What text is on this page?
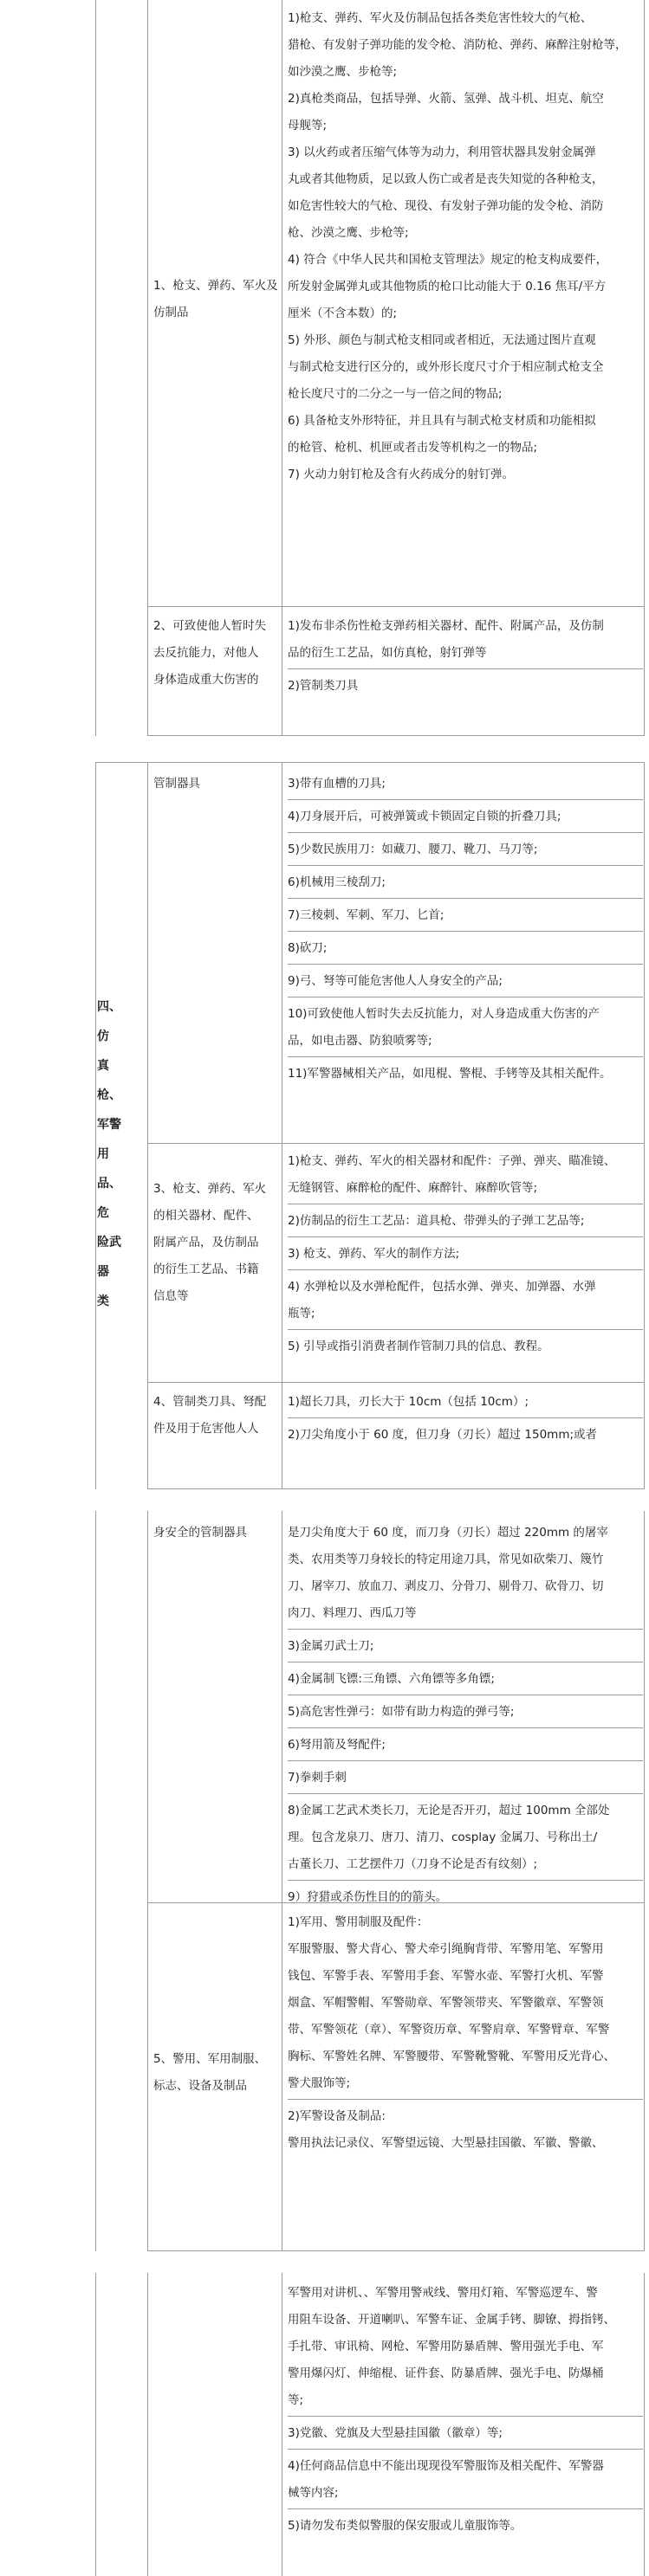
1、枪支、弹药、军火及仿制品
1)枪支、弹药、军火及仿制品包括各类危害性较大的气枪、
猎枪、有发射子弹功能的发令枪、消防枪、弹药、麻醉注射枪等，
如沙漠之鹰、步枪等;
2)真枪类商品，包括导弹、火箭、氢弹、战斗机、坦克、航空
母舰等;
3) 以火药或者压缩气体等为动力，利用管状器具发射金属弹
丸或者其他物质，足以致人伤亡或者是丧失知觉的各种枪支，
如危害性较大的气枪、现役、有发射子弹功能的发令枪、消防
枪、沙漠之鹰、步枪等;
4) 符合《中华人民共和国枪支管理法》规定的枪支构成要件，
所发射金属弹丸或其他物质的枪口比动能大于 0.16 焦耳/平方
厘米（不含本数）的;
5) 外形、颜色与制式枪支相同或者相近，无法通过图片直观
与制式枪支进行区分的，或外形长度尺寸介于相应制式枪支全
枪长度尺寸的二分之一与一倍之间的物品;
6) 具备枪支外形特征，并且具有与制式枪支材质和功能相拟
的枪管、枪机、机匣或者击发等机构之一的物品;
7) 火动力射钉枪及含有火药成分的射钉弹。
2、可致使他人暂时失
去反抗能力，对他人
身体造成重大伤害的
1)发布非杀伤性枪支弹药相关器材、配件、附属产品，及仿制
品的衍生工艺品，如仿真枪，射钉弹等
2)管制类刀具
四、仿
真枪、
军警用
品、危
险武器
类
管制器具	3)带有血槽的刀具;
4)刀身展开后，可被弹簧或卡锁固定自锁的折叠刀具;
5)少数民族用刀：如藏刀、腰刀、靴刀、马刀等;
6)机械用三棱刮刀;
7)三棱刺、军刺、军刀、匕首;
8)砍刀;
9)弓、弩等可能危害他人人身安全的产品;
10)可致使他人暂时失去反抗能力，对人身造成重大伤害的产
品，如电击器、防狼喷雾等;
11)军警器械相关产品，如甩棍、警棍、手铐等及其相关配件。
3、枪支、弹药、军火
的相关器材、配件、
附属产品，及仿制品
的衍生工艺品、书籍
信息等
1)枪支、弹药、军火的相关器材和配件：子弹、弹夹、瞄准镜、
无缝钢管、麻醉枪的配件、麻醉针、麻醉吹管等;
2)仿制品的衍生工艺品：道具枪、带弹头的子弹工艺品等;
3) 枪支、弹药、军火的制作方法;
4) 水弹枪以及水弹枪配件，包括水弹、弹夹、加弹器、水弹
瓶等;
5) 引导或指引消费者制作管制刀具的信息、教程。
4、管制类刀具、弩配
件及用于危害他人人
1)超长刀具，刃长大于 10cm（包括 10cm）;
2)刀尖角度小于 60 度，但刀身（刃长）超过 150mm;或者
身安全的管制器具	是刀尖角度大于 60 度，而刀身（刃长）超过 220mm 的屠宰
类、农用类等刀身较长的特定用途刀具，常见如砍柴刀、篾竹
刀、屠宰刀、放血刀、剥皮刀、分骨刀、剔骨刀、砍骨刀、切
肉刀、料理刀、西瓜刀等
3)金属刃武士刀;
4)金属制飞镖:三角镖、六角镖等多角镖;
5)高危害性弹弓：如带有助力构造的弹弓等;
6)弩用箭及弩配件;
7)拳刺手刺
8)金属工艺武术类长刀，无论是否开刃，超过 100mm 全部处
理。包含龙泉刀、唐刀、清刀、cosplay 金属刀、号称出土/
古董长刀、工艺摆件刀（刀身不论是否有纹刻）;
9）狩猎或杀伤性目的的箭头。
5、警用、军用制服、
标志、设备及制品
1)军用、警用制服及配件：
军服警服、警犬背心、警犬牵引绳胸背带、军警用笔、军警用
钱包、军警手表、军警用手套、军警水壶、军警打火机、军警
烟盒、军帽警帽、军警勋章、军警领带夹、军警徽章、军警领
带、军警领花（章）、军警资历章、军警肩章、军警臂章、军警
胸标、军警姓名牌、军警腰带、军警靴警靴、军警用反光背心、
警犬服饰等;
2)军警设备及制品:
警用执法记录仪、军警望远镜、大型悬挂国徽、军徽、警徽、
军警用对讲机、、军警用警戒线、警用灯箱、军警巡逻车、警
用阻车设备、开道喇叭、军警车证、金属手铐、脚镣、拇指铐、
手扎带、审讯椅、网枪、军警用防暴盾牌、警用强光手电、军
警用爆闪灯、伸缩棍、证件套、防暴盾牌、强光手电、防爆桶
等;
3)党徽、党旗及大型悬挂国徽（徽章）等;
4)任何商品信息中不能出现现役军警服饰及相关配件、军警器
械等内容;
5)请勿发布类似警服的保安服或儿童服饰等。
